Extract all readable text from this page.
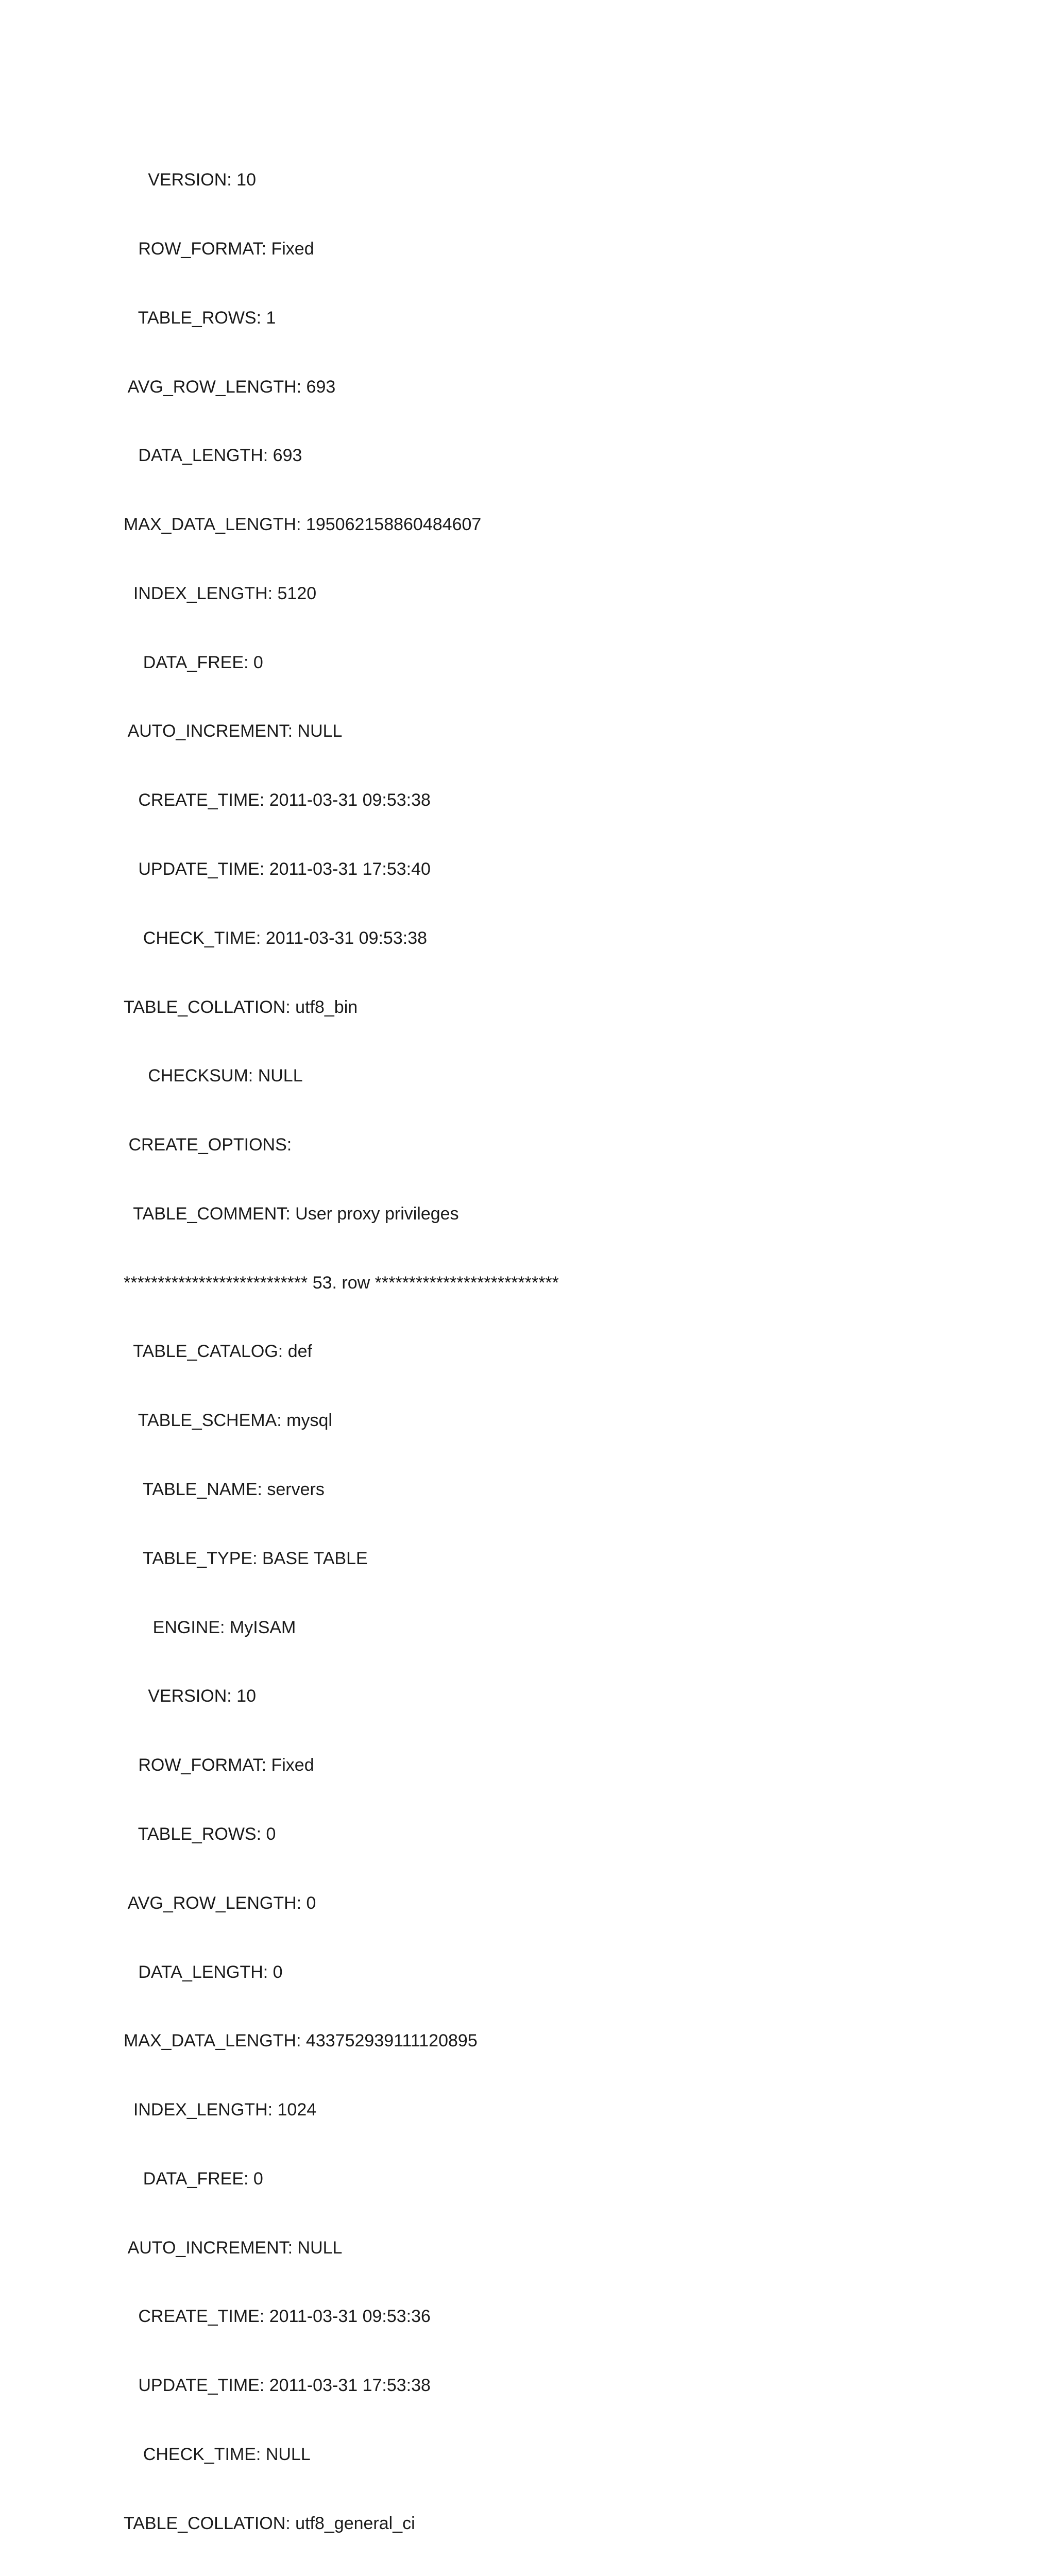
VERSION: 10

ROW_FORMAT: Fixed

TABLE_ROWS: 1

AVG_ROW_LENGTH: 693

DATA_LENGTH: 693

MAX_DATA_LENGTH: 195062158860484607

INDEX_LENGTH: 5120

DATA_FREE: 0

AUTO_INCREMENT: NULL

CREATE_TIME: 2011-03-31 09:53:38

UPDATE_TIME: 2011-03-31 17:53:40

CHECK_TIME: 2011-03-31 09:53:38

TABLE_COLLATION: utf8_bin

CHECKSUM: NULL

CREATE_OPTIONS:

TABLE_COMMENT: User proxy privileges

*************************** 53. row ***************************

TABLE_CATALOG: def

TABLE_SCHEMA: mysql

TABLE_NAME: servers

TABLE_TYPE: BASE TABLE

ENGINE: MyISAM

VERSION: 10

ROW_FORMAT: Fixed

TABLE_ROWS: 0

AVG_ROW_LENGTH: 0

DATA_LENGTH: 0

MAX_DATA_LENGTH: 433752939111120895

INDEX_LENGTH: 1024

DATA_FREE: 0

AUTO_INCREMENT: NULL

CREATE_TIME: 2011-03-31 09:53:36

UPDATE_TIME: 2011-03-31 17:53:38

CHECK_TIME: NULL

TABLE_COLLATION: utf8_general_ci
